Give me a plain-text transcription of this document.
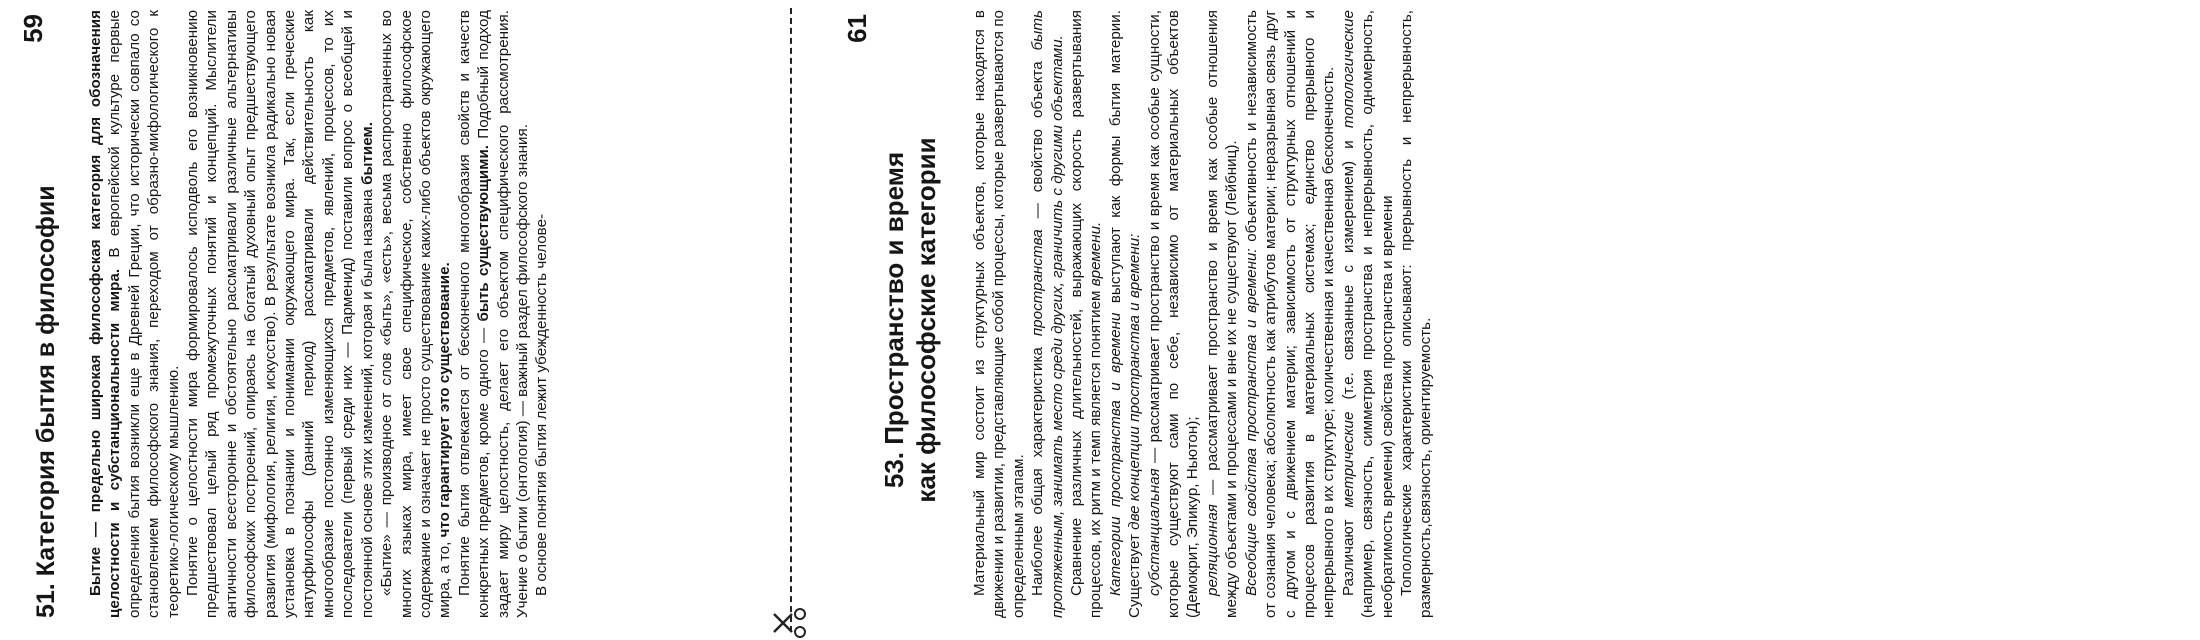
59
51. Категория бытия в философии Бытие — предельно широкая философская категория для обозначения целостности и субстанциональности мира. В европейской культуре первые определения бытия возникли еще в Древней Греции, что исторически совпало со становлением философского знания, переходом от образно-мифологического к теоретико-логическому мышлению. Понятие о целостности мира формировалось исподволь его возникновению предшествовал целый ряд промежуточных понятий и концепций. Мыслители античности всесторонне и обстоятельно рассматривали различные альтернативы философских построений, опираясь на богатый духовный опыт предшествующего развития (мифология, религия, искусство). В результате возникла радикально новая установка в познании и понимании окружающего мира. Так, если греческие натурфилософы (ранний период) рассматривали действительность как многообразие постоянно изменяющихся предметов, явлений, процессов, то их последователи (первый среди них — Парменид) поставили вопрос о всеобщей и постоянной основе этих изменений, которая и была названа бытием. «Бытие» — производное от слов «быть», «есть», весьма распространенных во многих языках мира, имеет свое специфическое, собственно философское содержание и означает не просто существование каких-либо объектов окружающего мира, а то, что гарантирует это существование. Понятие бытия отвлекается от бесконечного многообразия свойств и качеств конкретных предметов, кроме одного — быть существующими. Подобный подход задает миру целостность, делает его объектом специфического рассмотрения. Учение о бытии (онтология) — важный раздел философского знания. В основе понятия бытия лежит убежденность челове-

61
53. Пространство и время
как философские категории Материальный мир состоит из структурных объектов, которые находятся в движении и развитии, представляющие собой процессы, которые развертываются по определенным этапам. Наиболее общая характеристика пространства — свойство объекта быть протяженным, занимать место среди других, граничить с другими объектами. Сравнение различных длительностей, выражающих скорость развертывания процессов, их ритм и темп является понятием времени.

Категории пространства и времени выступают как формы бытия материи. Существует две концепции пространства и времени:

субстанциальная — рассматривает пространство и время как особые сущности, которые существуют сами по себе, независимо от материальных объектов (Демокрит, Эпикур, Ньютон); реляционная — рассматривает пространство и время как особые отношения между объектами и процессами и вне их не существуют (Лейбниц). Всеобщие свойства пространства и времени: объективность и независимость от сознания человека; абсолютность как атрибутов материи; неразрывная связь друг с другом и с движением материи; зависимость от структурных отношений и процессов развития в материальных системах; единство прерывного и непрерывного в их структуре; количественная и качественная бесконечность. Различают метрические (т.е. связанные с измерением) и топологические (например, связность, симметрия пространства и непрерывность, одномерность, необратимость времени) свойства пространства и времени Топологические характеристики описывают: прерывность и непрерывность, размерность,связность, ориентируемость.
